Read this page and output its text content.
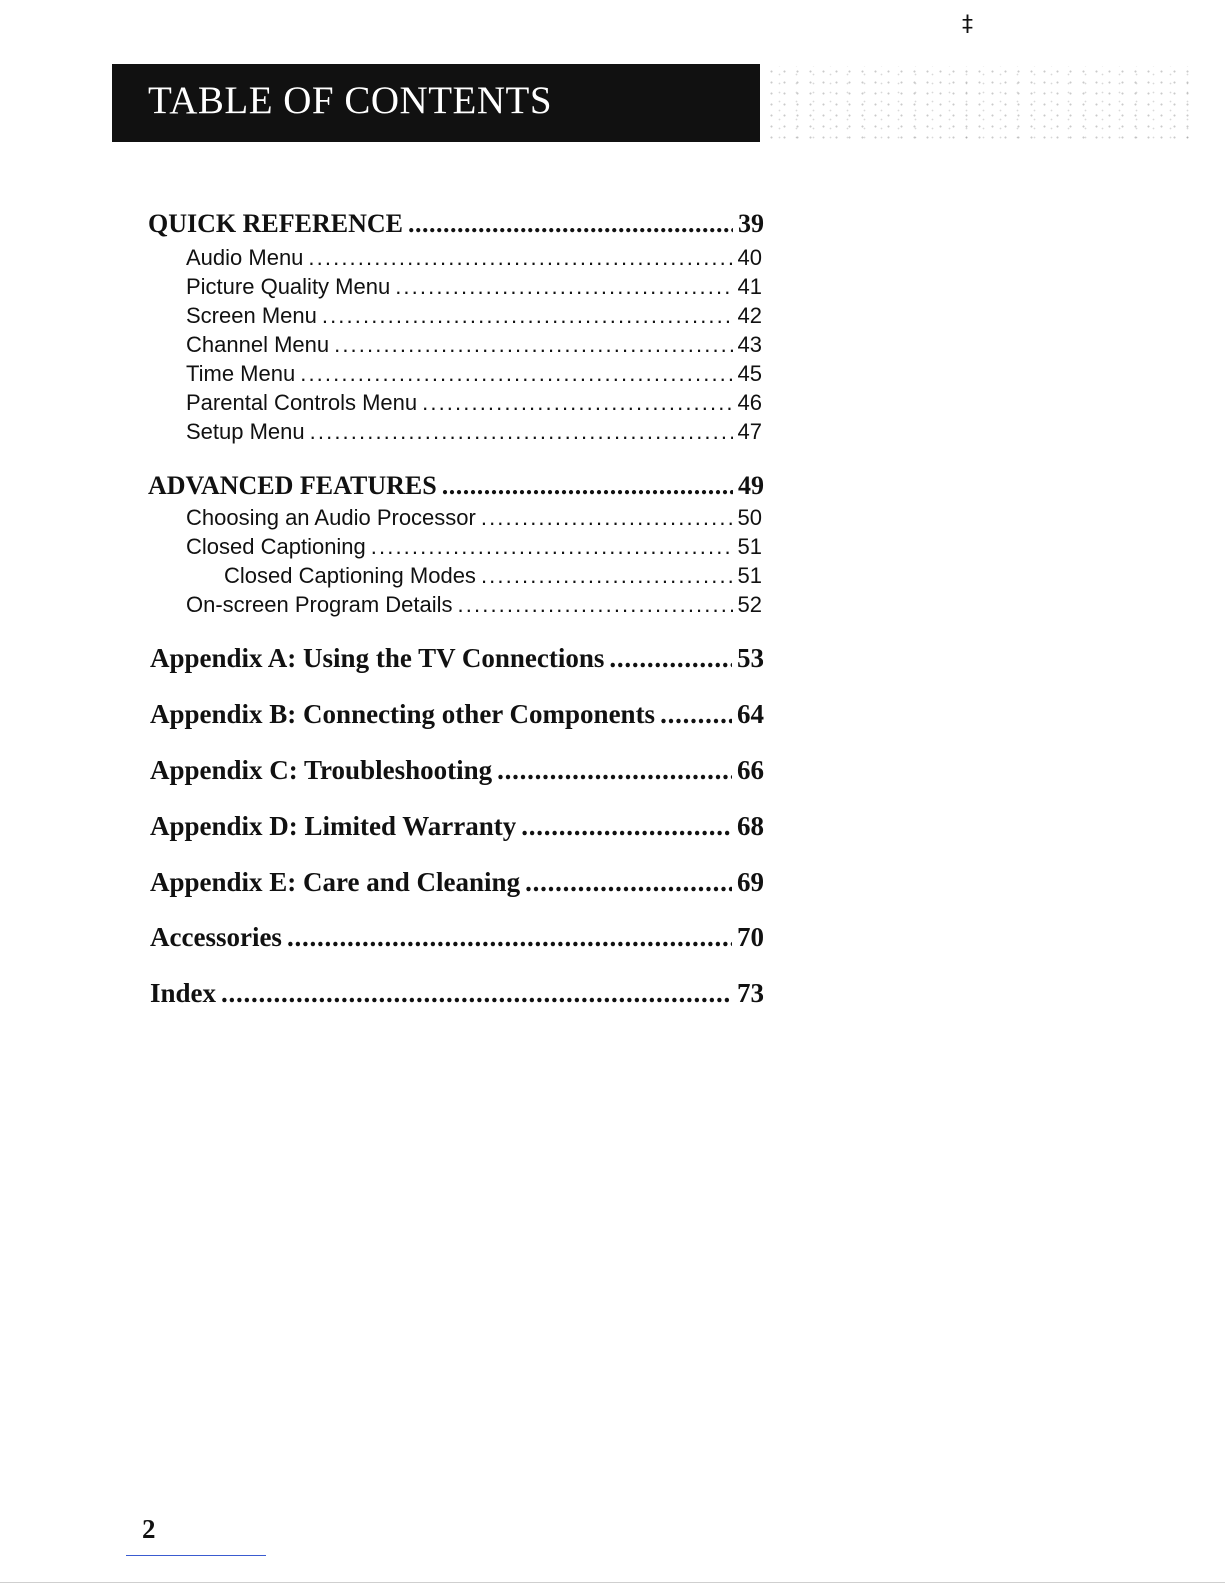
‡
TABLE OF CONTENTS
QUICK REFERENCE . . .	39
Audio Menu . . .	40
Picture Quality Menu . . .	41
Screen Menu . . .	42
Channel Menu . . .	43
Time Menu . . .	45
Parental Controls Menu . . .	46
Setup Menu . . .	47
ADVANCED FEATURES . . .	49
Choosing an Audio Processor . . .	50
Closed Captioning . . .	51
Closed Captioning Modes . . .	51
On-screen Program Details . . .	52
Appendix A: Using the TV Connections . . .	53
Appendix B: Connecting other Components . . .	64
Appendix C: Troubleshooting . . .	66
Appendix D: Limited Warranty . . .	68
Appendix E: Care and Cleaning . . .	69
Accessories . . .	70
Index . . .	73
2
